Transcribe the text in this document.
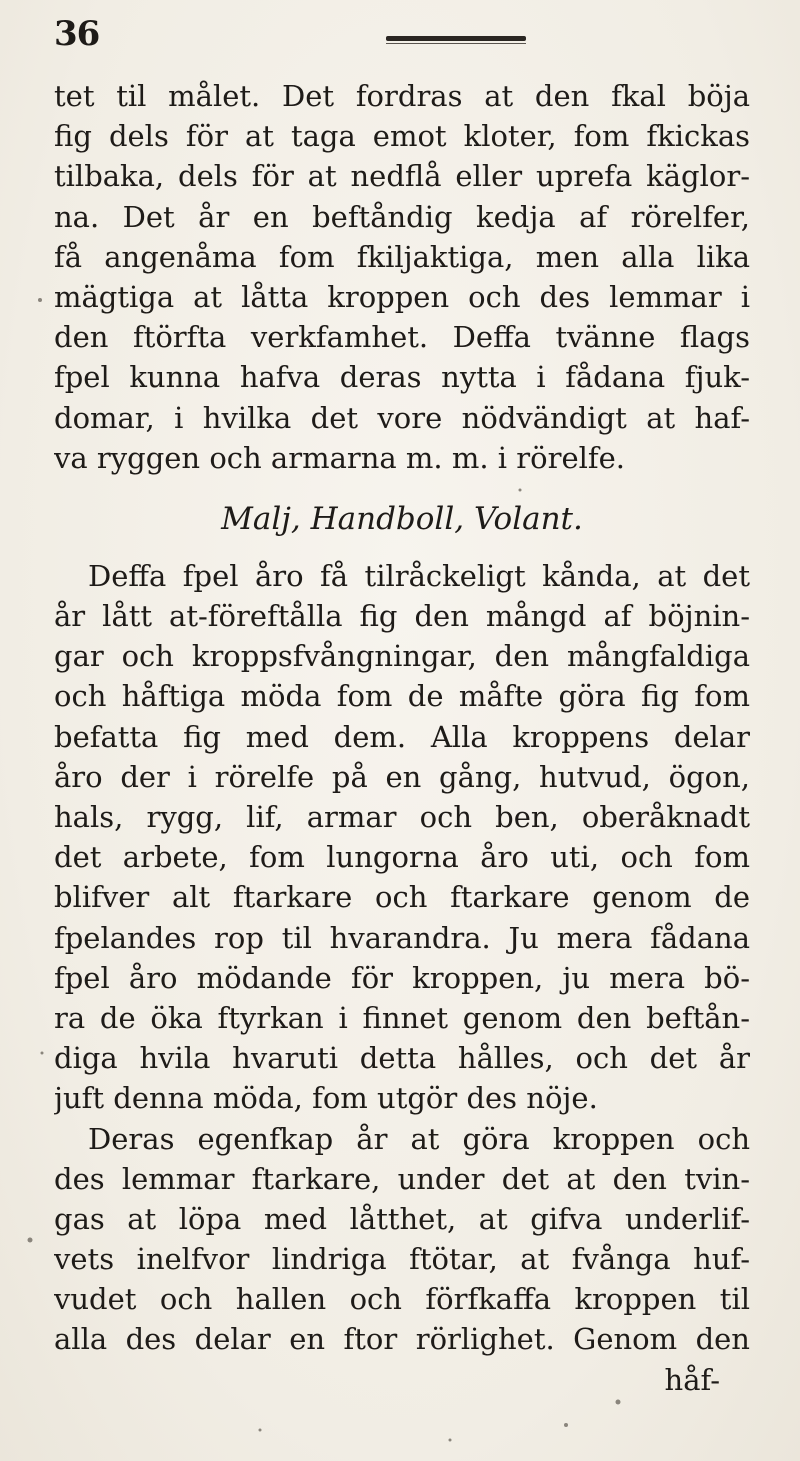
36
tet til målet. Det fordras at den fkal böja
fig dels för at taga emot kloter, fom fkickas
tilbaka, dels för at nedflå eller uprefa käglor-
na. Det år en beftåndig kedja af rörelfer,
få angenåma fom fkiljaktiga, men alla lika
mägtiga at låtta kroppen och des lemmar i
den ftörfta verkfamhet. Deffa tvänne flags
fpel kunna hafva deras nytta i fådana fjuk-
domar, i hvilka det vore nödvändigt at haf-
va ryggen och armarna m. m. i rörelfe.
Malj, Handboll, Volant.
Deffa fpel åro få tilråckeligt kånda, at det
år lått at-föreftålla fig den mångd af böjnin-
gar och kroppsfvångningar, den mångfaldiga
och håftiga möda fom de måfte göra fig fom
befatta fig med dem. Alla kroppens delar
åro der i rörelfe på en gång, hutvud, ögon,
hals, rygg, lif, armar och ben, oberåknadt
det arbete, fom lungorna åro uti, och fom
blifver alt ftarkare och ftarkare genom de
fpelandes rop til hvarandra. Ju mera fådana
fpel åro mödande för kroppen, ju mera bö-
ra de öka ftyrkan i finnet genom den beftån-
diga hvila hvaruti detta hålles, och det år
juft denna möda, fom utgör des nöje.
Deras egenfkap år at göra kroppen och
des lemmar ftarkare, under det at den tvin-
gas at löpa med låtthet, at gifva underlif-
vets inelfvor lindriga ftötar, at fvånga huf-
vudet och hallen och förfkaffa kroppen til
alla des delar en ftor rörlighet. Genom den
håf-
